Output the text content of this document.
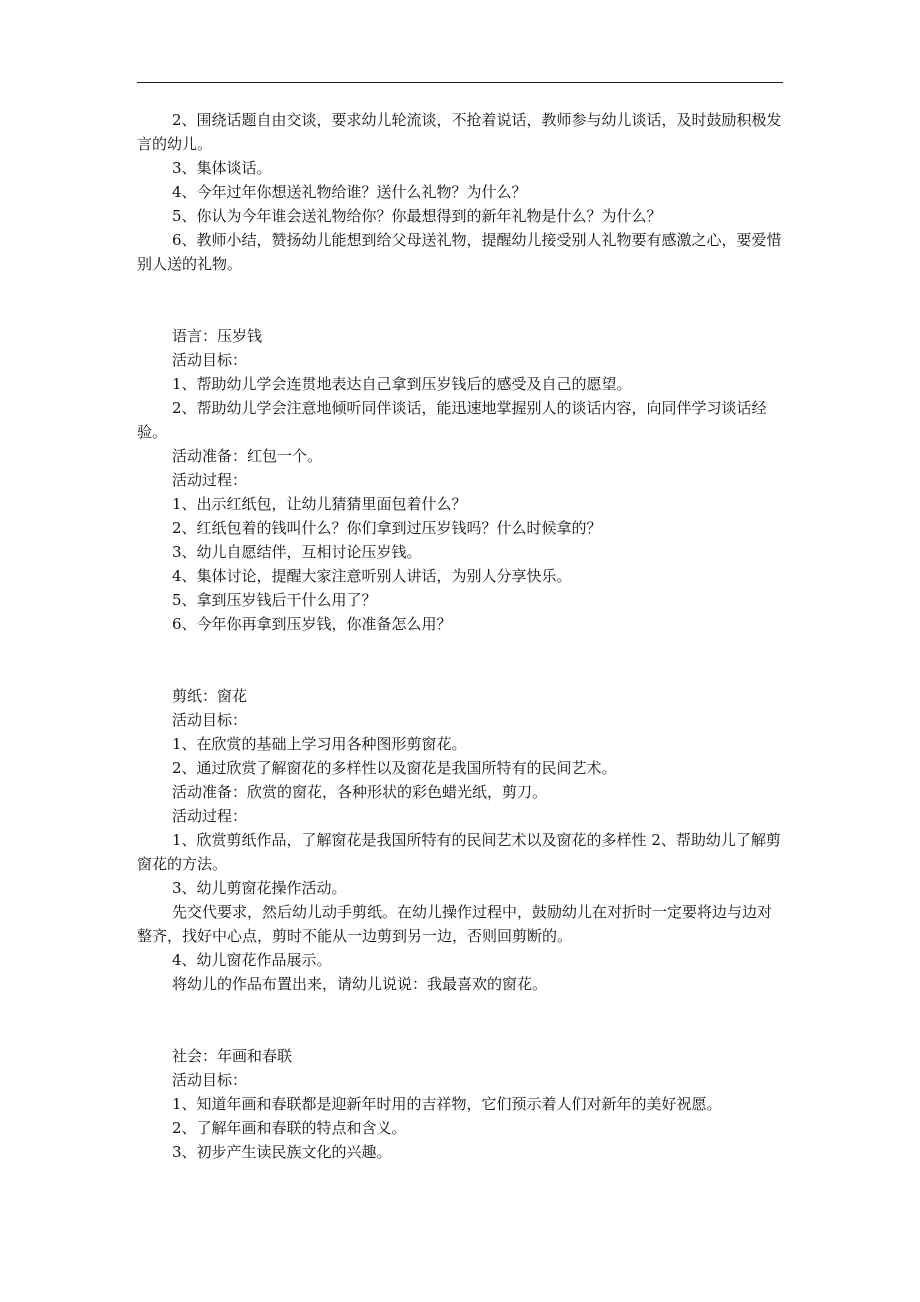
2、围绕话题自由交谈，要求幼儿轮流谈，不抢着说话，教师参与幼儿谈话，及时鼓励积极发言的幼儿。

3、集体谈话。

4、今年过年你想送礼物给谁？送什么礼物？为什么？

5、你认为今年谁会送礼物给你？你最想得到的新年礼物是什么？为什么？

6、教师小结，赞扬幼儿能想到给父母送礼物，提醒幼儿接受别人礼物要有感激之心，要爱惜别人送的礼物。

语言：压岁钱

活动目标：

1、帮助幼儿学会连贯地表达自己拿到压岁钱后的感受及自己的愿望。

2、帮助幼儿学会注意地倾听同伴谈话，能迅速地掌握别人的谈话内容，向同伴学习谈话经验。

活动准备：红包一个。

活动过程：

1、出示红纸包，让幼儿猜猜里面包着什么？

2、红纸包着的钱叫什么？你们拿到过压岁钱吗？什么时候拿的？

3、幼儿自愿结伴，互相讨论压岁钱。

4、集体讨论，提醒大家注意听别人讲话，为别人分享快乐。

5、拿到压岁钱后干什么用了？

6、今年你再拿到压岁钱，你准备怎么用？

剪纸：窗花

活动目标：

1、在欣赏的基础上学习用各种图形剪窗花。

2、通过欣赏了解窗花的多样性以及窗花是我国所特有的民间艺术。

活动准备：欣赏的窗花，各种形状的彩色蜡光纸，剪刀。

活动过程：

1、欣赏剪纸作品，了解窗花是我国所特有的民间艺术以及窗花的多样性 2、帮助幼儿了解剪窗花的方法。

3、幼儿剪窗花操作活动。

先交代要求，然后幼儿动手剪纸。在幼儿操作过程中，鼓励幼儿在对折时一定要将边与边对整齐，找好中心点，剪时不能从一边剪到另一边，否则回剪断的。

4、幼儿窗花作品展示。

将幼儿的作品布置出来，请幼儿说说：我最喜欢的窗花。

社会：年画和春联

活动目标：

1、知道年画和春联都是迎新年时用的吉祥物，它们预示着人们对新年的美好祝愿。

2、了解年画和春联的特点和含义。

3、初步产生读民族文化的兴趣。
